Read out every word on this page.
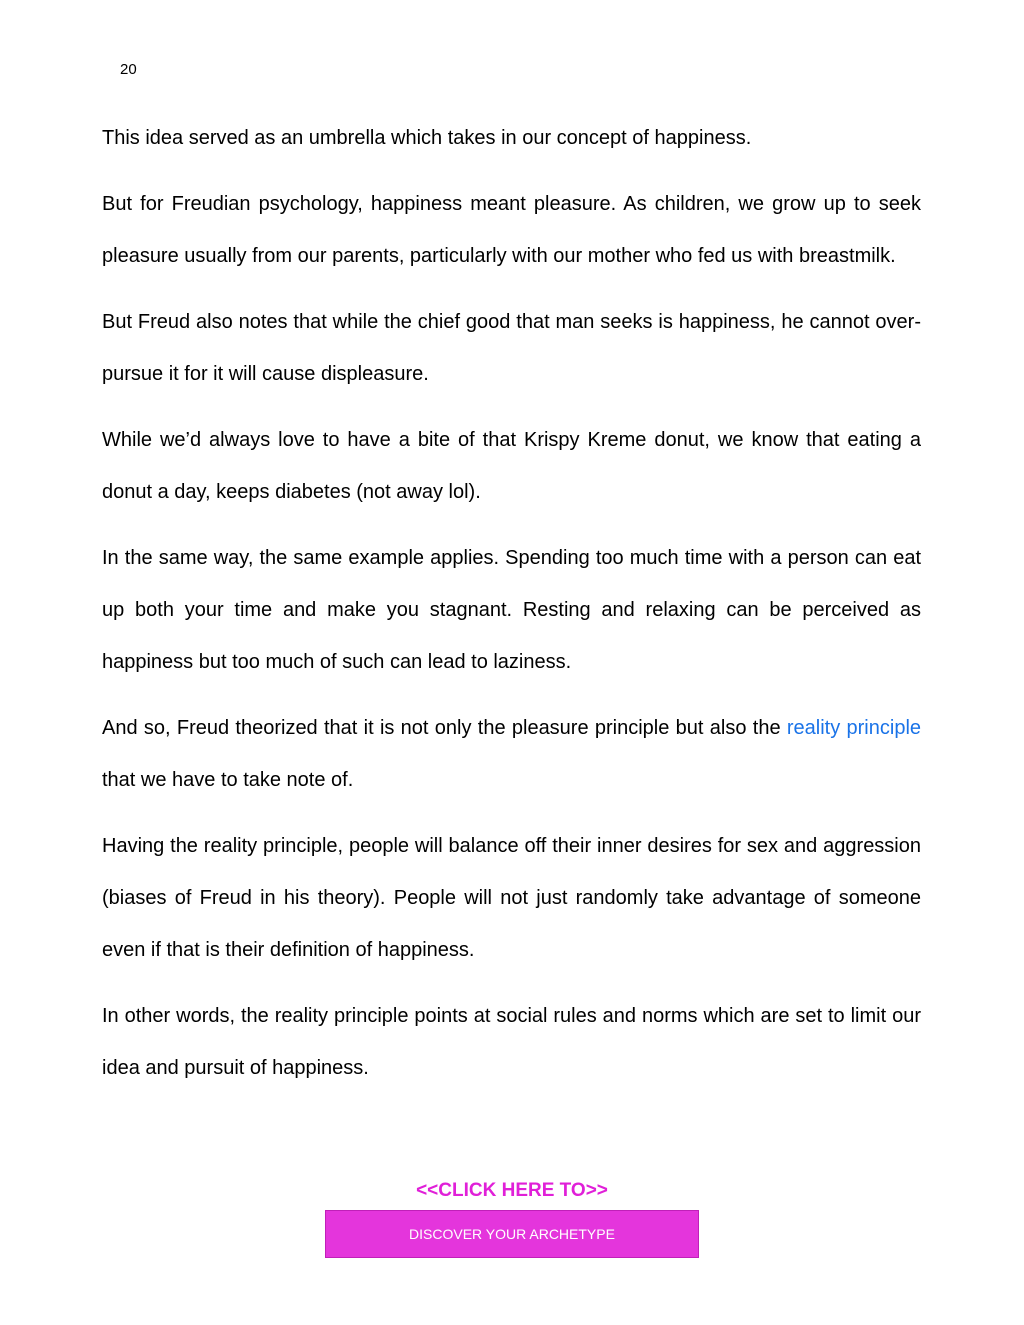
20

This idea served as an umbrella which takes in our concept of happiness.

But for Freudian psychology, happiness meant pleasure. As children, we grow up to seek pleasure usually from our parents, particularly with our mother who fed us with breastmilk.

But Freud also notes that while the chief good that man seeks is happiness, he cannot over-pursue it for it will cause displeasure.

While we’d always love to have a bite of that Krispy Kreme donut, we know that eating a donut a day, keeps diabetes (not away lol).

In the same way, the same example applies. Spending too much time with a person can eat up both your time and make you stagnant. Resting and relaxing can be perceived as happiness but too much of such can lead to laziness.

And so, Freud theorized that it is not only the pleasure principle but also the reality principle that we have to take note of.

Having the reality principle, people will balance off their inner desires for sex and aggression (biases of Freud in his theory). People will not just randomly take advantage of someone even if that is their definition of happiness.

In other words, the reality principle points at social rules and norms which are set to limit our idea and pursuit of happiness.

<<CLICK HERE TO>>
DISCOVER YOUR ARCHETYPE
